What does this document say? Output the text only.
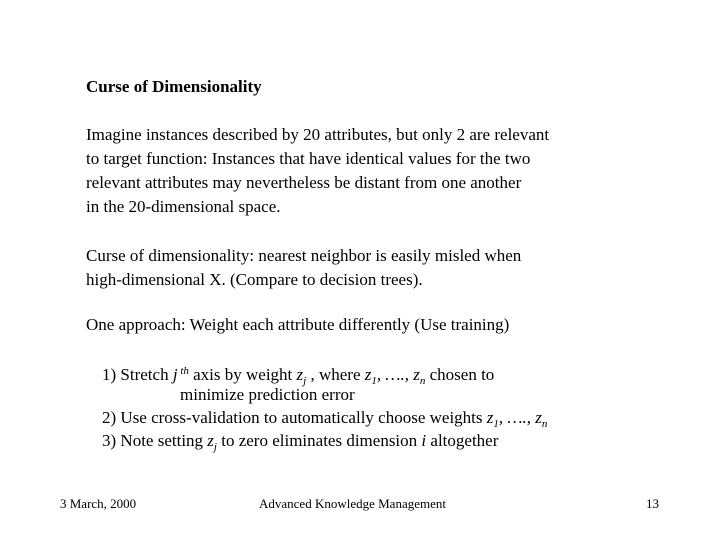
Curse of Dimensionality
Imagine instances described by 20 attributes, but only 2 are relevant
to target function: Instances that have identical values for the two
relevant attributes may nevertheless be distant from one another
in the 20-dimensional space.
Curse of dimensionality: nearest neighbor is easily misled when
high-dimensional X. (Compare to decision trees).
One approach: Weight each attribute differently (Use training)
1) Stretch j $^{th}$ axis by weight $z_j$ , where $z_1$, …., $z_n$ chosen to
minimize prediction error
2) Use cross-validation to automatically choose weights $z_1$, …., $z_n$
3) Note setting $z_j$ to zero eliminates dimension i altogether
3 March, 2000	Advanced Knowledge Management	13
